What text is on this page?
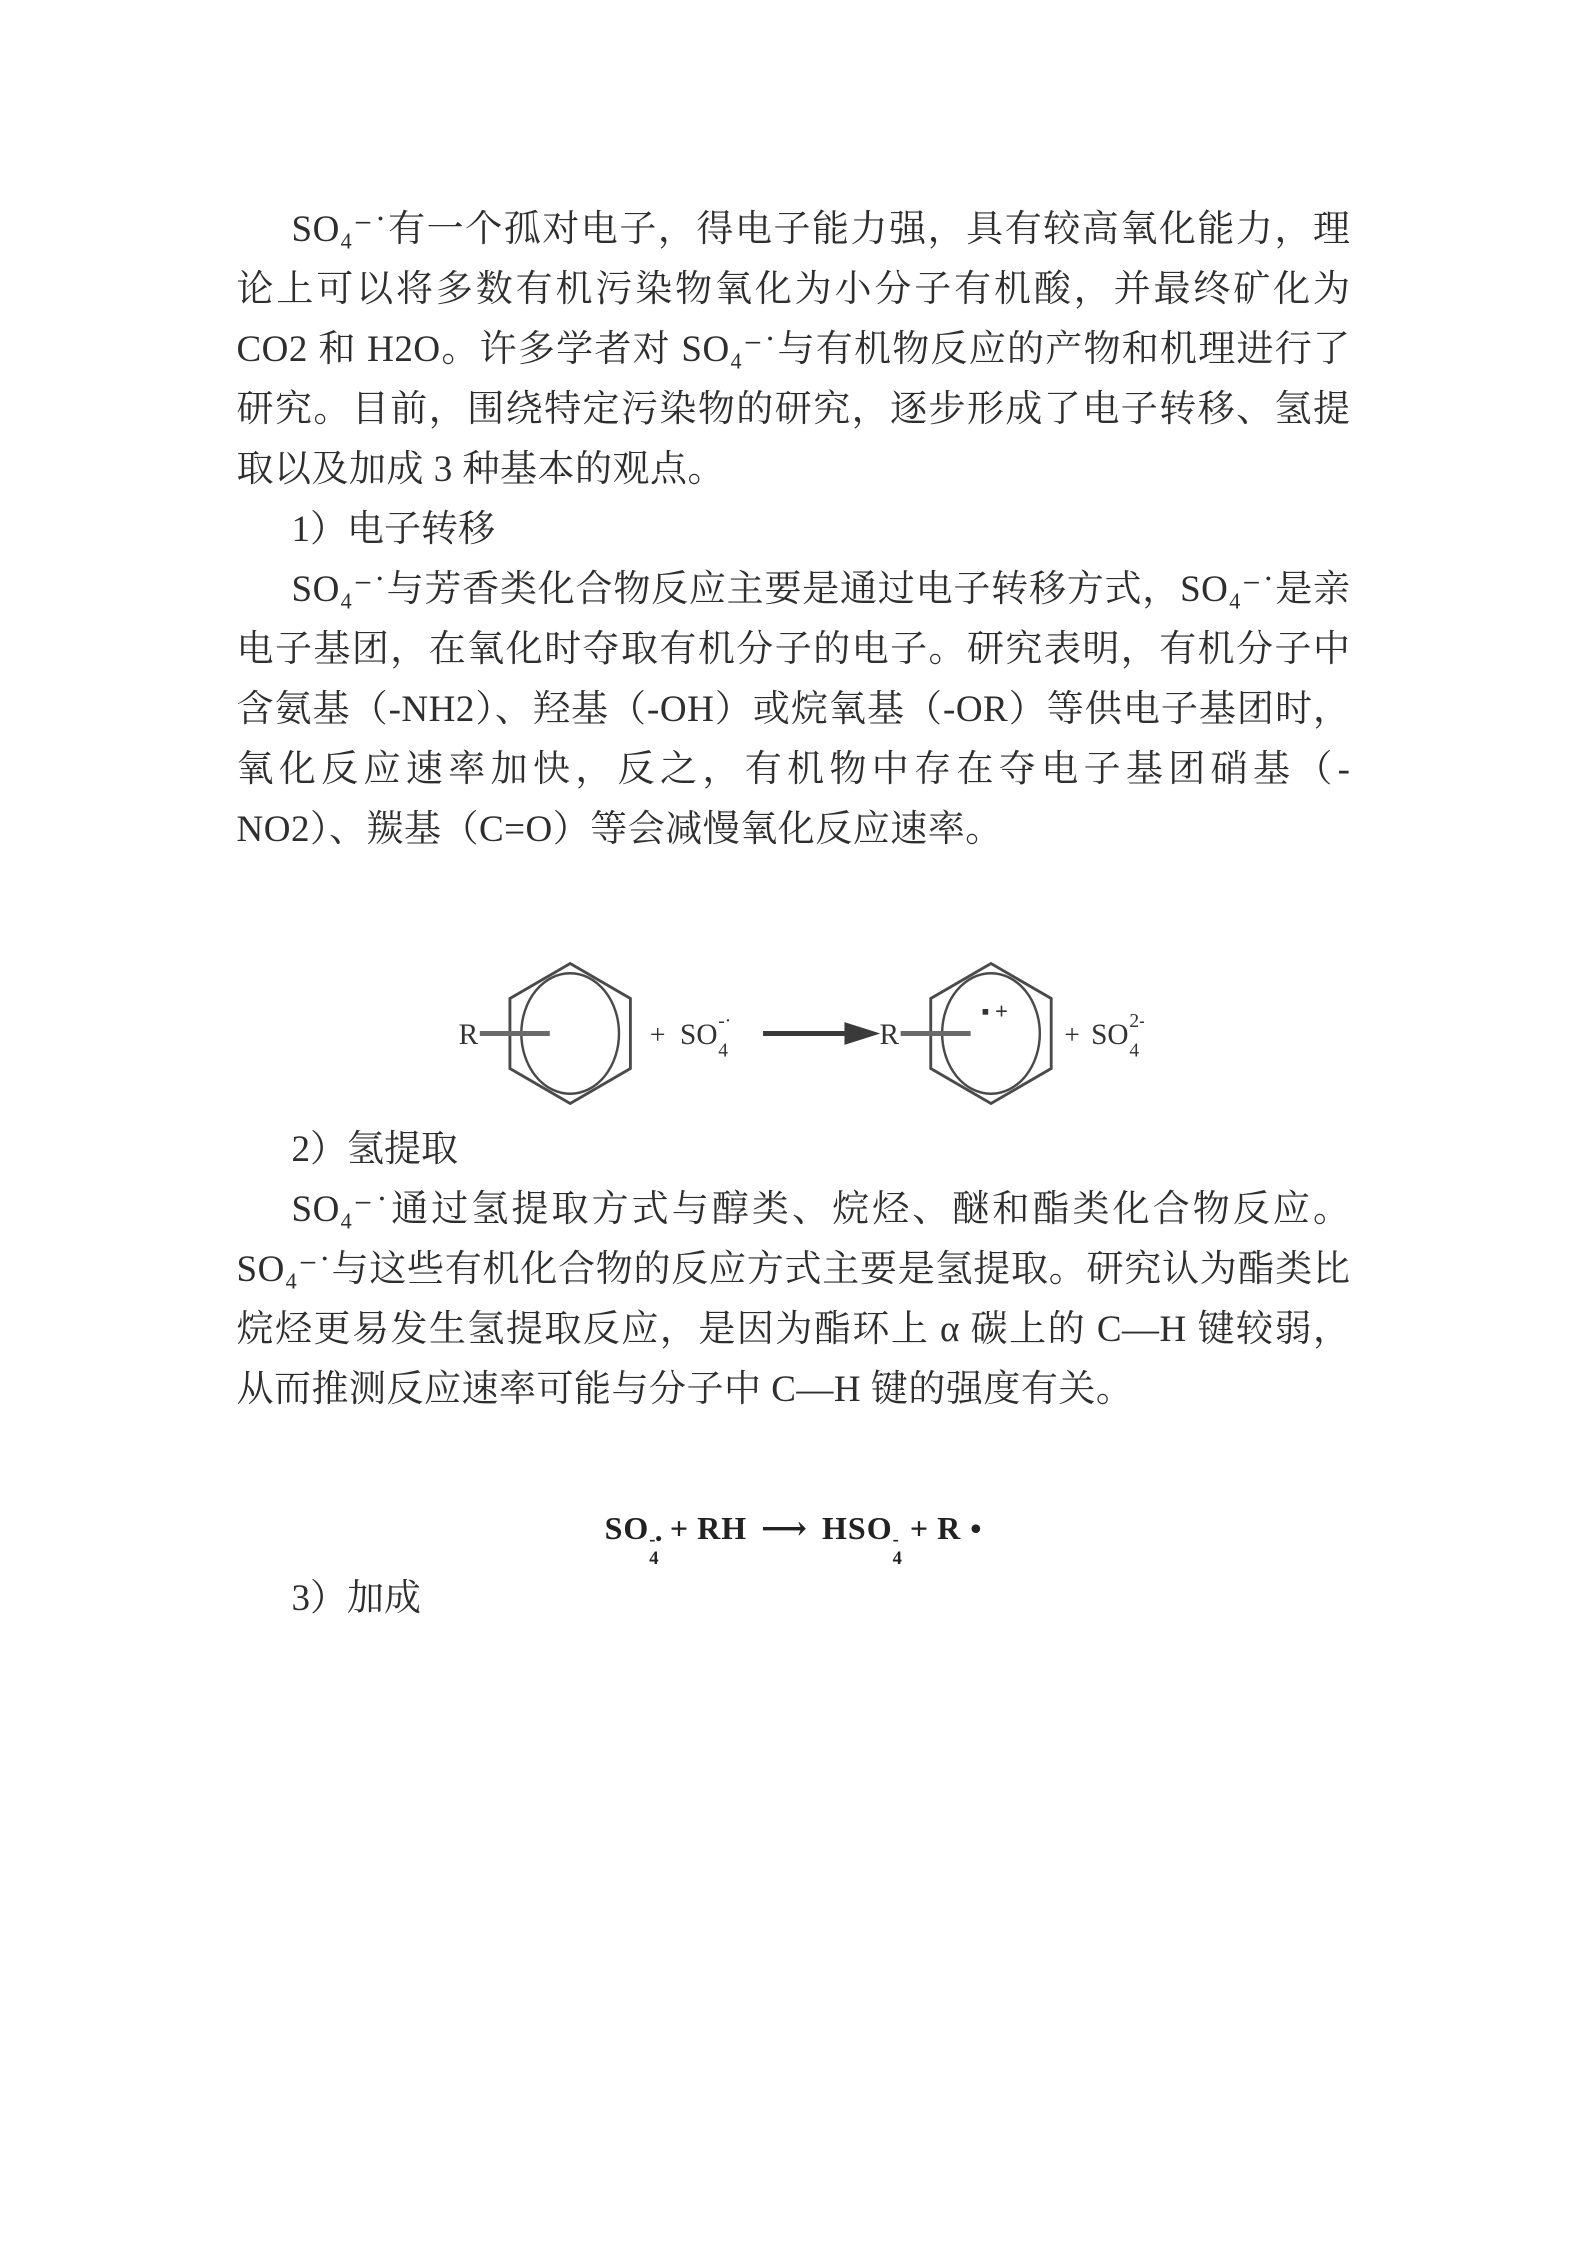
SO₄⁻˙有一个孤对电子，得电子能力强，具有较高氧化能力，理论上可以将多数有机污染物氧化为小分子有机酸，并最终矿化为 CO2 和 H2O。许多学者对 SO₄⁻˙与有机物反应的产物和机理进行了研究。目前，围绕特定污染物的研究，逐步形成了电子转移、氢提取以及加成 3 种基本的观点。

1）电子转移

SO₄⁻˙与芳香类化合物反应主要是通过电子转移方式，SO₄⁻˙是亲电子基团，在氧化时夺取有机分子的电子。研究表明，有机分子中含氨基（-NH2）、羟基（-OH）或烷氧基（-OR）等供电子基团时，氧化反应速率加快，反之，有机物中存在夺电子基团硝基（-NO2）、羰基（C=O）等会减慢氧化反应速率。

R	+ SO 4
-·	R
▪ +
+ SO 4
2-

2）氢提取

SO₄⁻˙通过氢提取方式与醇类、烷烃、醚和酯类化合物反应。SO₄⁻˙与这些有机化合物的反应方式主要是氢提取。研究认为酯类比烷烃更易发生氢提取反应，是因为酯环上 α 碳上的 C—H 键较弱，从而推测反应速率可能与分子中 C—H 键的强度有关。

SO -•
4
+ RH ⟶ HSO -
4
+ R •

3）加成
